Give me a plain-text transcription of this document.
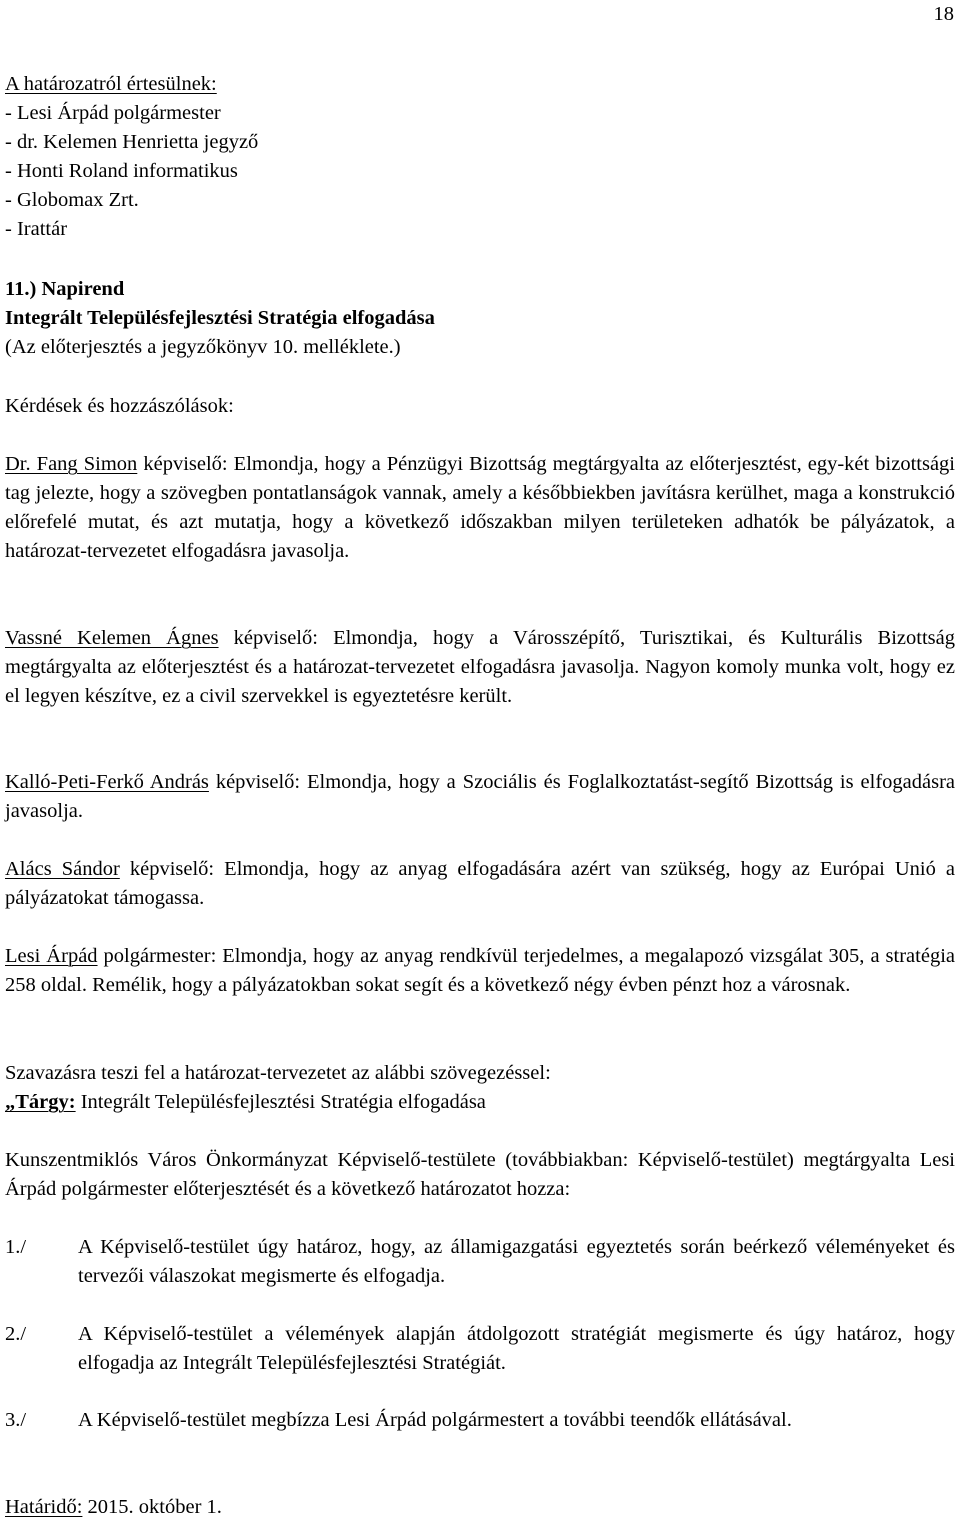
18

A határozatról értesülnek:

- Lesi Árpád polgármester

- dr. Kelemen Henrietta jegyző

- Honti Roland informatikus

- Globomax Zrt.

- Irattár

11.) Napirend

Integrált Településfejlesztési Stratégia elfogadása

(Az előterjesztés a jegyzőkönyv 10. melléklete.)

Kérdések és hozzászólások:

Dr. Fang Simon képviselő: Elmondja, hogy a Pénzügyi Bizottság megtárgyalta az előterjesztést, egy-két bizottsági tag jelezte, hogy a szövegben pontatlanságok vannak, amely a későbbiekben javításra kerülhet, maga a konstrukció előrefelé mutat, és azt mutatja, hogy a következő időszakban milyen területeken adhatók be pályázatok, a határozat-tervezetet elfogadásra javasolja.
Vassné Kelemen Ágnes képviselő: Elmondja, hogy a Városszépítő, Turisztikai, és Kulturális Bizottság megtárgyalta az előterjesztést és a határozat-tervezetet elfogadásra javasolja. Nagyon komoly munka volt, hogy ez el legyen készítve, ez a civil szervekkel is egyeztetésre került.
Kalló-Peti-Ferkő András képviselő: Elmondja, hogy a Szociális és Foglalkoztatást-segítő Bizottság is elfogadásra javasolja.
Alács Sándor képviselő: Elmondja, hogy az anyag elfogadására azért van szükség, hogy az Európai Unió a pályázatokat támogassa.
Lesi Árpád polgármester: Elmondja, hogy az anyag rendkívül terjedelmes, a megalapozó vizsgálat 305, a stratégia 258 oldal. Remélik, hogy a pályázatokban sokat segít és a következő négy évben pénzt hoz a városnak.

Szavazásra teszi fel a határozat-tervezetet az alábbi szövegezéssel:

„Tárgy: Integrált Településfejlesztési Stratégia elfogadása

Kunszentmiklós Város Önkormányzat Képviselő-testülete (továbbiakban: Képviselő-testület) megtárgyalta Lesi Árpád polgármester előterjesztését és a következő határozatot hozza:

1./	A Képviselő-testület úgy határoz, hogy, az államigazgatási egyeztetés során beérkező véleményeket és tervezői válaszokat megismerte és elfogadja.
2./	A Képviselő-testület a vélemények alapján átdolgozott stratégiát megismerte és úgy határoz, hogy elfogadja az Integrált Településfejlesztési Stratégiát.
3./	A Képviselő-testület megbízza Lesi Árpád polgármestert a további teendők ellátásával.
Határidő: 2015. október 1.
